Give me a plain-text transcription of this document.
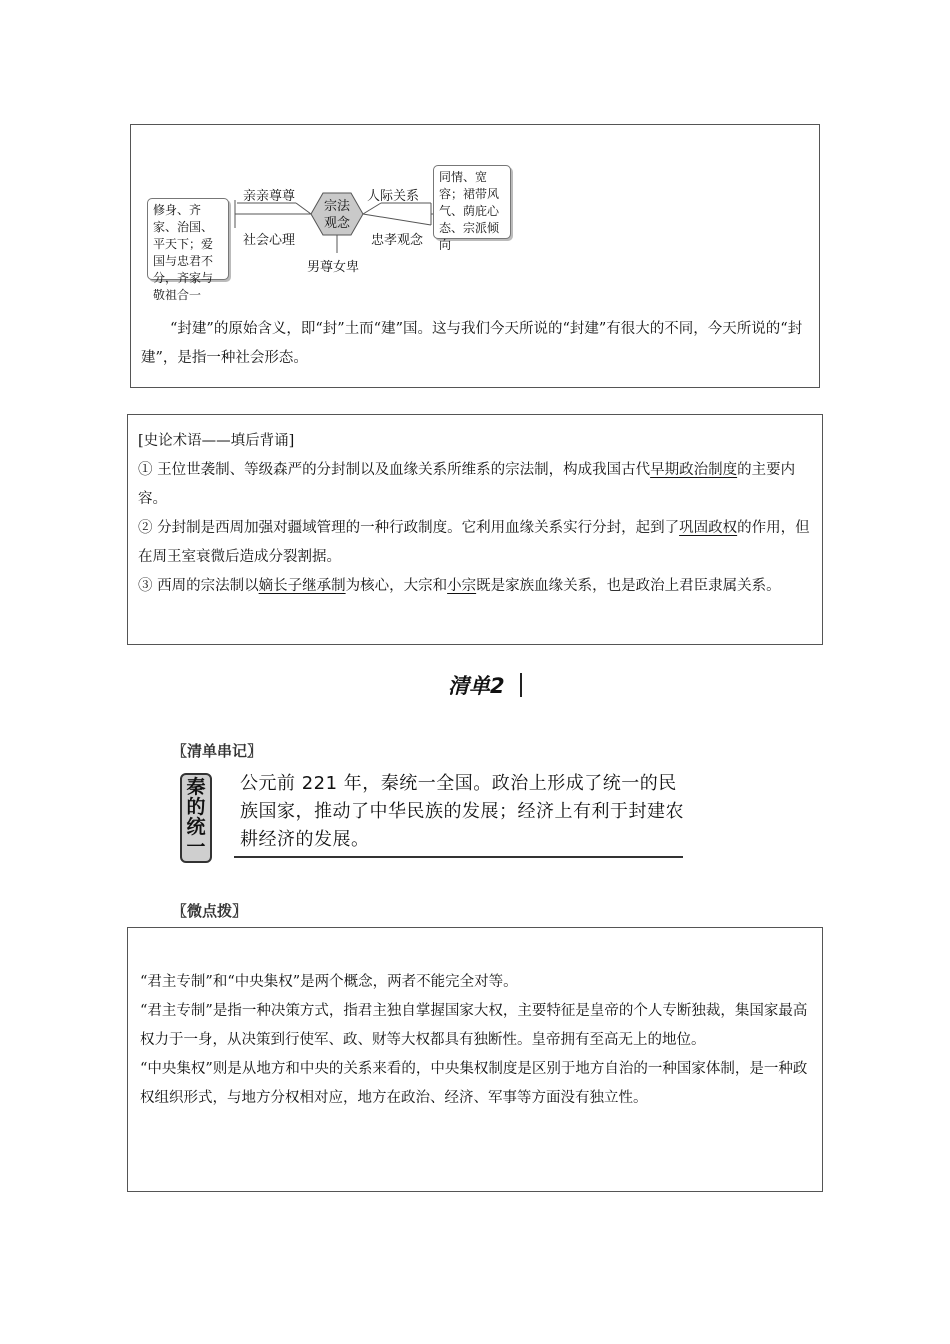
宗法观念
亲亲尊尊
社会心理
人际关系
忠孝观念
男尊女卑
修身、齐家、治国、平天下；爱国与忠君不分，齐家与敬祖合一
同情、宽容；裙带风气、荫庇心态、宗派倾向
“封建”的原始含义，即“封”土而“建”国。这与我们今天所说的“封建”有很大的不同，今天所说的“封建”，是指一种社会形态。
[史论术语——填后背诵]
① 王位世袭制、等级森严的分封制以及血缘关系所维系的宗法制，构成我国古代早期政治制度的主要内容。
② 分封制是西周加强对疆域管理的一种行政制度。它利用血缘关系实行分封，起到了巩固政权的作用，但在周王室衰微后造成分裂割据。
③ 西周的宗法制以嫡长子继承制为核心，大宗和小宗既是家族血缘关系，也是政治上君臣隶属关系。
清单2
〖清单串记〗
秦的统一
公元前 221 年，秦统一全国。政治上形成了统一的民族国家，推动了中华民族的发展；经济上有利于封建农耕经济的发展。
〖微点拨〗
“君主专制”和“中央集权”是两个概念，两者不能完全对等。
“君主专制”是指一种决策方式，指君主独自掌握国家大权，主要特征是皇帝的个人专断独裁，集国家最高权力于一身，从决策到行使军、政、财等大权都具有独断性。皇帝拥有至高无上的地位。
“中央集权”则是从地方和中央的关系来看的，中央集权制度是区别于地方自治的一种国家体制，是一种政权组织形式，与地方分权相对应，地方在政治、经济、军事等方面没有独立性。
